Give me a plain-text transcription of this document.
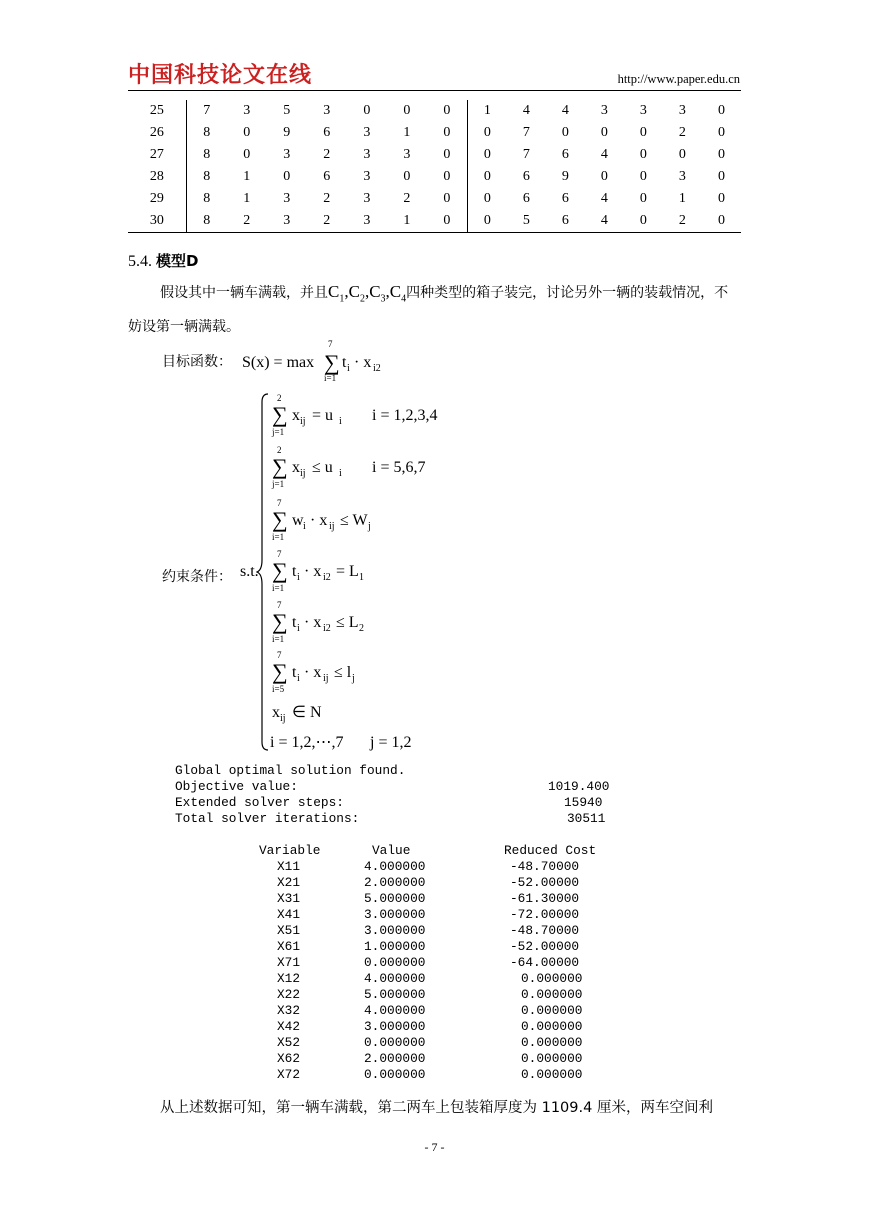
中国科技论文在线	http://www.paper.edu.cn
25	7	3	5	3	0	0	0	1	4	4	3	3	3	0
26	8	0	9	6	3	1	0	0	7	0	0	0	2	0
27	8	0	3	2	3	3	0	0	7	6	4	0	0	0
28	8	1	0	6	3	0	0	0	6	9	0	0	3	0
29	8	1	3	2	3	2	0	0	6	6	4	0	1	0
30	8	2	3	2	3	1	0	0	5	6	4	0	2	0
5.4. 模型D
假设其中一辆车满载，并且$C_1,C_2,C_3,C_4$四种类型的箱子装完，讨论另外一辆的装载情况，不妨设第一辆满载。
目标函数： S(x) = max ∑
7
i=1
t i · x i2
约束条件： s.t.
∑
2
j=1
x ij = u i i = 1,2,3,4
∑
2
j=1
x ij ≤ u i i = 5,6,7
∑
7
i=1
w i · x ij ≤ W j
∑
7
i=1
t i · x i2 = L 1
∑
7
i=1
t i · x i2 ≤ L 2
∑
7
i=5
t i · x ij ≤ l j
x ij ∈ N
i = 1,2,⋯,7 j = 1,2
Global optimal solution found.
Objective value:	1019.400
Extended solver steps:	15940
Total solver iterations:	30511
Variable	Value	Reduced Cost
X11	4.000000	-48.70000
X21	2.000000	-52.00000
X31	5.000000	-61.30000
X41	3.000000	-72.00000
X51	3.000000	-48.70000
X61	1.000000	-52.00000
X71	0.000000	-64.00000
X12	4.000000	0.000000
X22	5.000000	0.000000
X32	4.000000	0.000000
X42	3.000000	0.000000
X52	0.000000	0.000000
X62	2.000000	0.000000
X72	0.000000	0.000000
从上述数据可知，第一辆车满载，第二两车上包装箱厚度为 1109.4 厘米，两车空间利
- 7 -
